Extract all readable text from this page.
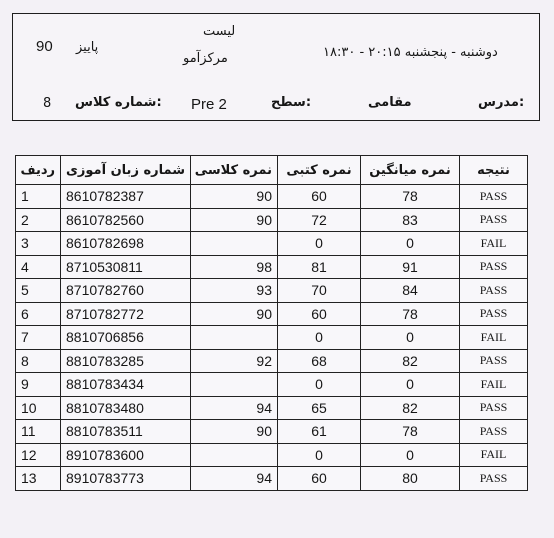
90 پاییز
لیست
مرکزآمو	دوشنبه - پنجشنبه ۲۰:۱۵ - ۱۸:۳۰
8 شماره کلاس: Pre 2	سطح:	مقامی	مدرس:
ردیف	شماره زبان آموزی	نمره کلاسی	نمره کتبی	نمره میانگین	نتیجه
1	8610782387	90	60	78	PASS
2	8610782560	90	72	83	PASS
3	8610782698		0	0	FAIL
4	8710530811	98	81	91	PASS
5	8710782760	93	70	84	PASS
6	8710782772	90	60	78	PASS
7	8810706856		0	0	FAIL
8	8810783285	92	68	82	PASS
9	8810783434		0	0	FAIL
10	8810783480	94	65	82	PASS
11	8810783511	90	61	78	PASS
12	8910783600		0	0	FAIL
13	8910783773	94	60	80	PASS
